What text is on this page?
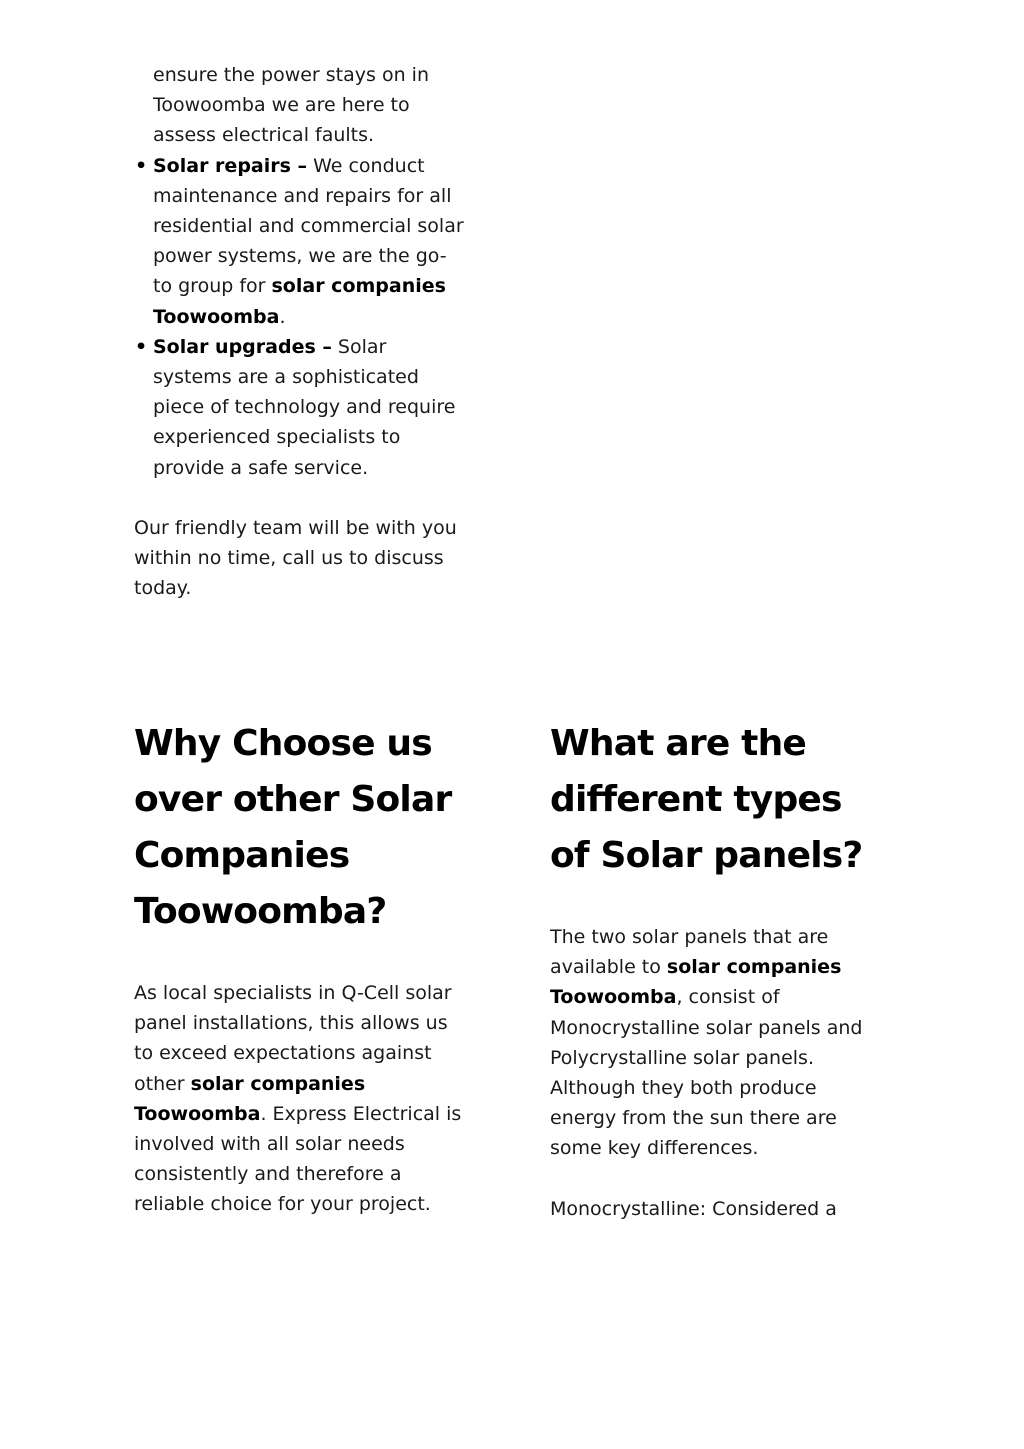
ensure the power stays on in Toowoomba we are here to assess electrical faults.
• Solar repairs – We conduct maintenance and repairs for all residential and commercial solar power systems, we are the go-to group for solar companies Toowoomba.
• Solar upgrades – Solar systems are a sophisticated piece of technology and require experienced specialists to provide a safe service.

Our friendly team will be with you within no time, call us to discuss today.

Why Choose us over other Solar Companies Toowoomba?

As local specialists in Q-Cell solar panel installations, this allows us to exceed expectations against other solar companies Toowoomba. Express Electrical is involved with all solar needs consistently and therefore a reliable choice for your project.

What are the different types of Solar panels?

The two solar panels that are available to solar companies Toowoomba, consist of Monocrystalline solar panels and Polycrystalline solar panels. Although they both produce energy from the sun there are some key differences.

Monocrystalline: Considered a
